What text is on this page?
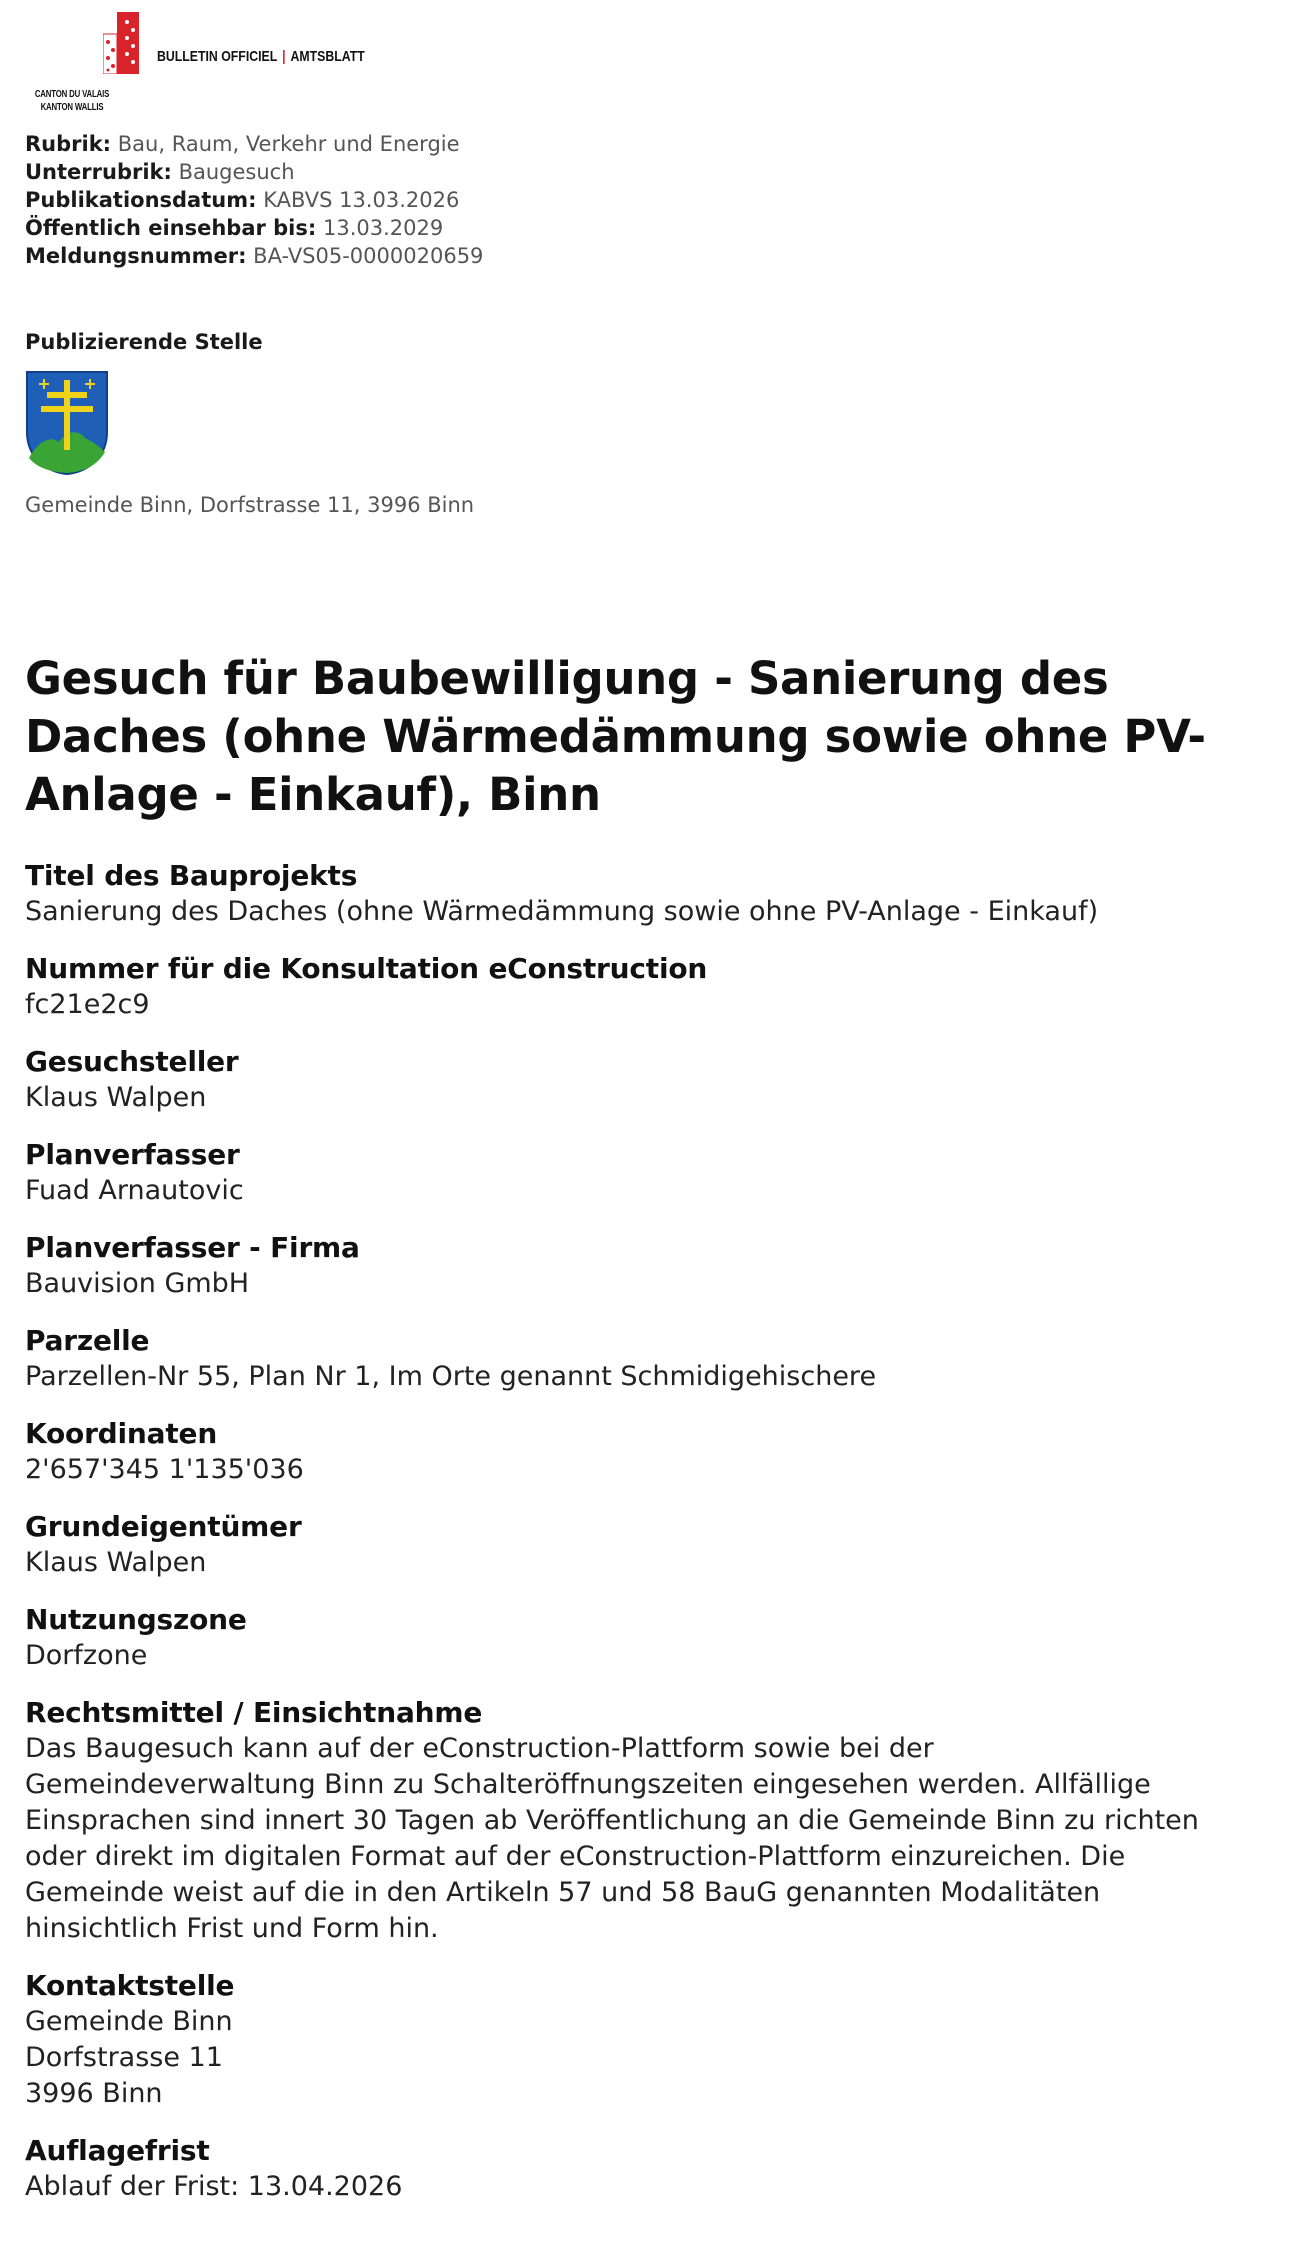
CANTON DU VALAIS
KANTON WALLIS
BULLETIN OFFICIEL | AMTSBLATT
Rubrik: Bau, Raum, Verkehr und Energie
Unterrubrik: Baugesuch
Publikationsdatum: KABVS 13.03.2026
Öffentlich einsehbar bis: 13.03.2029
Meldungsnummer: BA-VS05-0000020659
Publizierende Stelle
Gemeinde Binn, Dorfstrasse 11, 3996 Binn
Gesuch für Baubewilligung - Sanierung des Daches (ohne Wärmedämmung sowie ohne PV-Anlage - Einkauf), Binn
Titel des Bauprojekts
Sanierung des Daches (ohne Wärmedämmung sowie ohne PV-Anlage - Einkauf)
Nummer für die Konsultation eConstruction
fc21e2c9
Gesuchsteller
Klaus Walpen
Planverfasser
Fuad Arnautovic
Planverfasser - Firma
Bauvision GmbH
Parzelle
Parzellen-Nr 55, Plan Nr 1, Im Orte genannt Schmidigehischere
Koordinaten
2'657'345 1'135'036
Grundeigentümer
Klaus Walpen
Nutzungszone
Dorfzone
Rechtsmittel / Einsichtnahme
Das Baugesuch kann auf der eConstruction-Plattform sowie bei der Gemeindeverwaltung Binn zu Schalteröffnungszeiten eingesehen werden. Allfällige Einsprachen sind innert 30 Tagen ab Veröffentlichung an die Gemeinde Binn zu richten oder direkt im digitalen Format auf der eConstruction-Plattform einzureichen. Die Gemeinde weist auf die in den Artikeln 57 und 58 BauG genannten Modalitäten hinsichtlich Frist und Form hin.
Kontaktstelle
Gemeinde Binn
Dorfstrasse 11
3996 Binn
Auflagefrist
Ablauf der Frist: 13.04.2026
